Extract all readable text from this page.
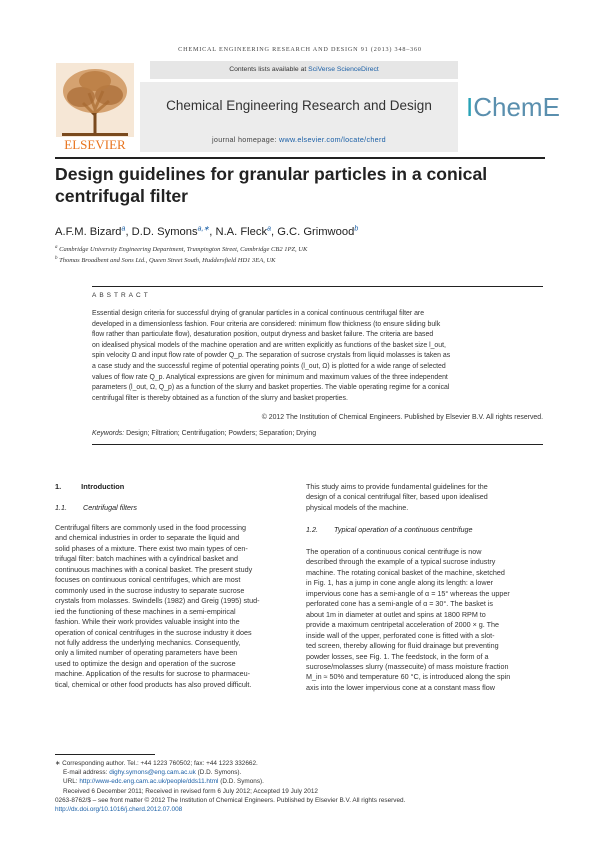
CHEMICAL ENGINEERING RESEARCH AND DESIGN 91 (2013) 348–360
Contents lists available at SciVerse ScienceDirect
ELSEVIER
Chemical Engineering Research and Design
journal homepage: www.elsevier.com/locate/cherd
IChemE
Design guidelines for granular particles in a conical
centrifugal filter
A.F.M. Bizard$^a$, D.D. Symons$^{a,∗}$, N.A. Fleck$^a$, G.C. Grimwood$^b$
$^a$ Cambridge University Engineering Department, Trumpington Street, Cambridge CB2 1PZ, UK
$^b$ Thomas Broadbent and Sons Ltd., Queen Street South, Huddersfield HD1 3EA, UK
ABSTRACT
Essential design criteria for successful drying of granular particles in a conical continuous centrifugal filter are
developed in a dimensionless fashion. Four criteria are considered: minimum flow thickness (to ensure sliding bulk
flow rather than particulate flow), desaturation position, output dryness and basket failure. The criteria are based
on idealised physical models of the machine operation and are written explicitly as functions of the basket size l_out,
spin velocity Ω and input flow rate of powder Q_p. The separation of sucrose crystals from liquid molasses is taken as
a case study and the successful regime of potential operating points (l_out, Ω) is plotted for a wide range of selected
values of flow rate Q_p. Analytical expressions are given for minimum and maximum values of the three independent
parameters (l_out, Ω, Q_p) as a function of the slurry and basket properties. The viable operating regime for a conical
centrifugal filter is thereby obtained as a function of the slurry and basket properties.
© 2012 The Institution of Chemical Engineers. Published by Elsevier B.V. All rights reserved.
Keywords: Design; Filtration; Centrifugation; Powders; Separation; Drying
1.	Introduction
1.1. Centrifugal filters
Centrifugal filters are commonly used in the food processing
and chemical industries in order to separate the liquid and
solid phases of a mixture. There exist two main types of cen-
trifugal filter: batch machines with a cylindrical basket and
continuous machines with a conical basket. The present study
focuses on continuous conical centrifuges, which are most
commonly used in the sucrose industry to separate sucrose
crystals from molasses. Swindells (1982) and Greig (1995) stud-
ied the functioning of these machines in a semi-empirical
fashion. While their work provides valuable insight into the
operation of conical centrifuges in the sucrose industry it does
not fully address the underlying mechanics. Consequently,
only a limited number of operating parameters have been
used to optimize the design and operation of the sucrose
machine. Application of the results for sucrose to pharmaceu-
tical, chemical or other food products has also proved difficult.
This study aims to provide fundamental guidelines for the
design of a conical centrifugal filter, based upon idealised
physical models of the machine.
1.2. Typical operation of a continuous centrifuge
The operation of a continuous conical centrifuge is now
described through the example of a typical sucrose industry
machine. The rotating conical basket of the machine, sketched
in Fig. 1, has a jump in cone angle along its length: a lower
impervious cone has a semi-angle of α = 15° whereas the upper
perforated cone has a semi-angle of α = 30°. The basket is
about 1m in diameter at outlet and spins at 1800 RPM to
provide a maximum centripetal acceleration of 2000 × g. The
inside wall of the upper, perforated cone is fitted with a slot-
ted screen, thereby allowing for fluid drainage but preventing
powder losses, see Fig. 1. The feedstock, in the form of a
sucrose/molasses slurry (massecuite) of mass moisture fraction
M_in ≈ 50% and temperature 60 °C, is introduced along the spin
axis into the lower impervious cone at a constant mass flow
∗ Corresponding author. Tel.: +44 1223 760502; fax: +44 1223 332662.
E-mail address: dighy.symons@eng.cam.ac.uk (D.D. Symons).
URL: http://www-edc.eng.cam.ac.uk/people/dds11.html (D.D. Symons).
Received 6 December 2011; Received in revised form 6 July 2012; Accepted 19 July 2012
0263-8762/$ – see front matter © 2012 The Institution of Chemical Engineers. Published by Elsevier B.V. All rights reserved.
http://dx.doi.org/10.1016/j.cherd.2012.07.008
